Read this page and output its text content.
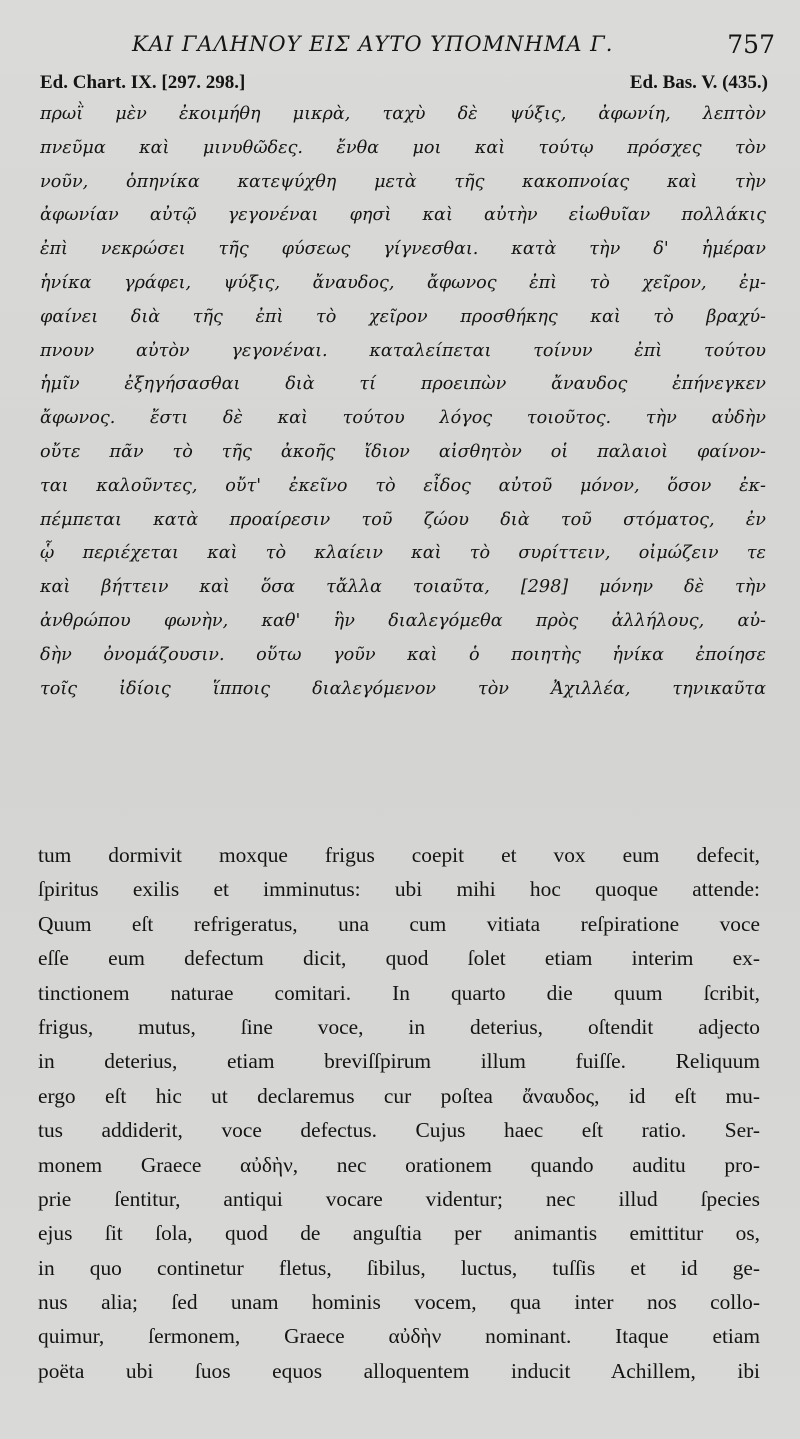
ΚΑΙ ΓΑΛΗΝΟΥ ΕΙΣ ΑΥΤΟ ΥΠΟΜΝΗΜΑ Γ.	757
Ed. Chart. IX. [297. 298.]	Ed. Bas. V. (435.)
πρωῒ μὲν ἐκοιμήθη μικρὰ, ταχὺ δὲ ψύξις, ἀφωνίη, λεπτὸν
πνεῦμα καὶ μινυθῶδες. ἔνθα μοι καὶ τούτῳ πρόσχες τὸν
νοῦν, ὁπηνίκα κατεψύχθη μετὰ τῆς κακοπνοίας καὶ τὴν
ἀφωνίαν αὐτῷ γεγονέναι φησὶ καὶ αὐτὴν εἰωθυῖαν πολλάκις
ἐπὶ νεκρώσει τῆς φύσεως γίγνεσθαι. κατὰ τὴν δ' ἡμέραν
ἡνίκα γράφει, ψύξις, ἄναυδος, ἄφωνος ἐπὶ τὸ χεῖρον, ἐμ-
φαίνει διὰ τῆς ἐπὶ τὸ χεῖρον προσθήκης καὶ τὸ βραχύ-
πνουν αὐτὸν γεγονέναι. καταλείπεται τοίνυν ἐπὶ τούτου
ἡμῖν ἐξηγήσασθαι διὰ τί προειπὼν ἄναυδος ἐπήνεγκεν
ἄφωνος. ἔστι δὲ καὶ τούτου λόγος τοιοῦτος. τὴν αὐδὴν
οὔτε πᾶν τὸ τῆς ἀκοῆς ἴδιον αἰσθητὸν οἱ παλαιοὶ φαίνον-
ται καλοῦντες, οὔτ' ἐκεῖνο τὸ εἶδος αὐτοῦ μόνον, ὅσον ἐκ-
πέμπεται κατὰ προαίρεσιν τοῦ ζώου διὰ τοῦ στόματος, ἐν
ᾧ περιέχεται καὶ τὸ κλαίειν καὶ τὸ συρίττειν, οἰμώζειν τε
καὶ βήττειν καὶ ὅσα τἄλλα τοιαῦτα, [298] μόνην δὲ τὴν
ἀνθρώπου φωνὴν, καθ' ἣν διαλεγόμεθα πρὸς ἀλλήλους, αὐ-
δὴν ὀνομάζουσιν. οὕτω γοῦν καὶ ὁ ποιητὴς ἡνίκα ἐποίησε
τοῖς ἰδίοις ἵπποις διαλεγόμενον τὸν Ἀχιλλέα, τηνικαῦτα
tum dormivit moxque frigus coepit et vox eum defecit,
ſpiritus exilis et imminutus: ubi mihi hoc quoque attende:
Quum eſt refrigeratus, una cum vitiata reſpiratione voce
eſſe eum defectum dicit, quod ſolet etiam interim ex-
tinctionem naturae comitari. In quarto die quum ſcribit,
frigus, mutus, ſine voce, in deterius, oſtendit adjecto
in deterius, etiam breviſſpirum illum fuiſſe. Reliquum
ergo eſt hic ut declaremus cur poſtea ἄναυδος, id eſt mu-
tus addiderit, voce defectus. Cujus haec eſt ratio. Ser-
monem Graece αὐδὴν, nec orationem quando auditu pro-
prie ſentitur, antiqui vocare videntur; nec illud ſpecies
ejus ſit ſola, quod de anguſtia per animantis emittitur os,
in quo continetur fletus, ſibilus, luctus, tuſſis et id ge-
nus alia; ſed unam hominis vocem, qua inter nos collo-
quimur, ſermonem, Graece αὐδὴν nominant. Itaque etiam
poëta ubi ſuos equos alloquentem inducit Achillem, ibi
